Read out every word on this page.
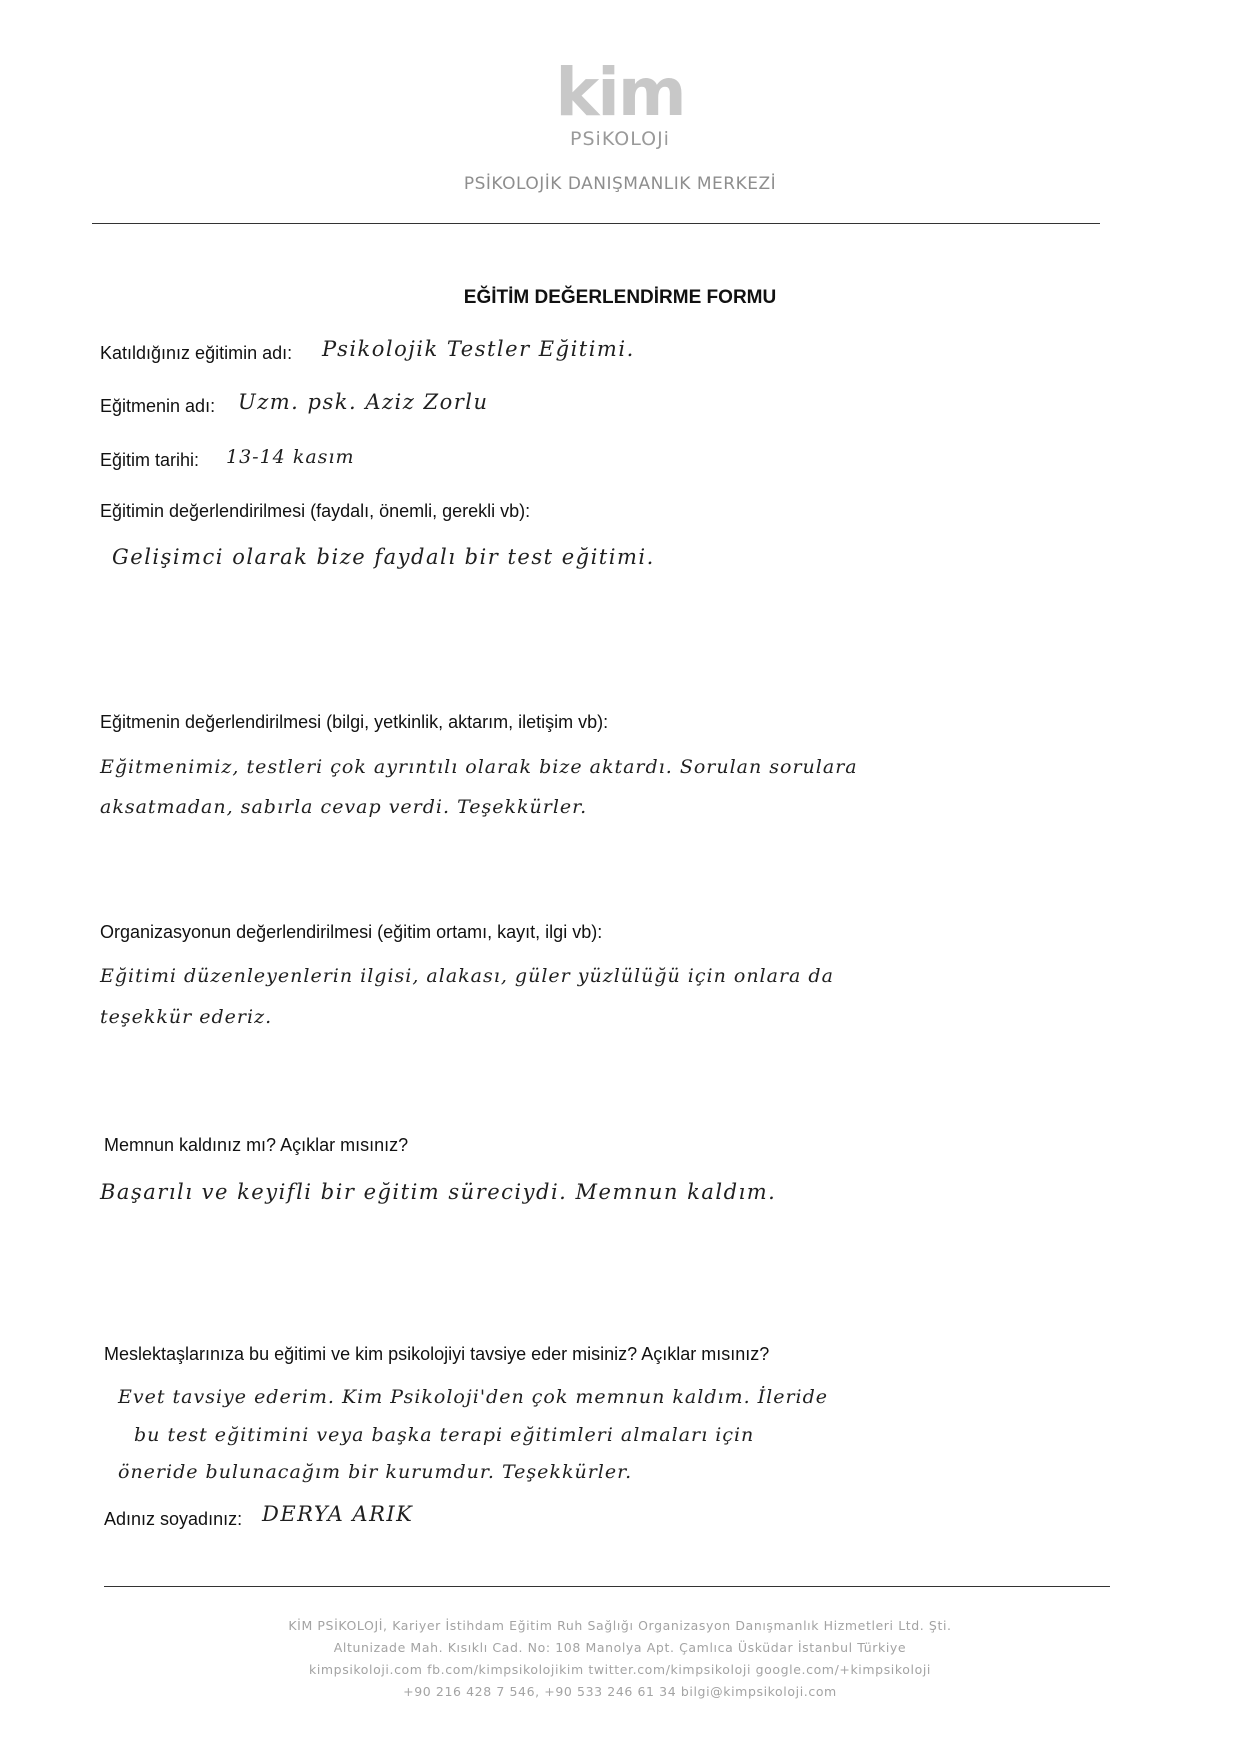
kim
PSiKOLOJi
PSİKOLOJİK DANIŞMANLIK MERKEZİ
EĞİTİM DEĞERLENDİRME FORMU
Katıldığınız eğitimin adı: Psikolojik Testler Eğitimi.
Eğitmenin adı: Uzm. psk. Aziz Zorlu
Eğitim tarihi: 13-14 kasım
Eğitimin değerlendirilmesi (faydalı, önemli, gerekli vb):
Gelişimci olarak bize faydalı bir test eğitimi.
Eğitmenin değerlendirilmesi (bilgi, yetkinlik, aktarım, iletişim vb):
Eğitmenimiz, testleri çok ayrıntılı olarak bize aktardı. Sorulan sorulara
aksatmadan, sabırla cevap verdi. Teşekkürler.
Organizasyonun değerlendirilmesi (eğitim ortamı, kayıt, ilgi vb):
Eğitimi düzenleyenlerin ilgisi, alakası, güler yüzlülüğü için onlara da
teşekkür ederiz.
Memnun kaldınız mı? Açıklar mısınız?
Başarılı ve keyifli bir eğitim süreciydi. Memnun kaldım.
Meslektaşlarınıza bu eğitimi ve kim psikolojiyi tavsiye eder misiniz? Açıklar mısınız?
Evet tavsiye ederim. Kim Psikoloji'den çok memnun kaldım. İleride
bu test eğitimini veya başka terapi eğitimleri almaları için
öneride bulunacağım bir kurumdur. Teşekkürler.
Adınız soyadınız: DERYA ARIK
KİM PSİKOLOJİ, Kariyer İstihdam Eğitim Ruh Sağlığı Organizasyon Danışmanlık Hizmetleri Ltd. Şti.
Altunizade Mah. Kısıklı Cad. No: 108 Manolya Apt. Çamlıca Üsküdar İstanbul Türkiye
kimpsikoloji.com fb.com/kimpsikolojikim twitter.com/kimpsikoloji google.com/+kimpsikoloji
+90 216 428 7 546, +90 533 246 61 34 bilgi@kimpsikoloji.com
